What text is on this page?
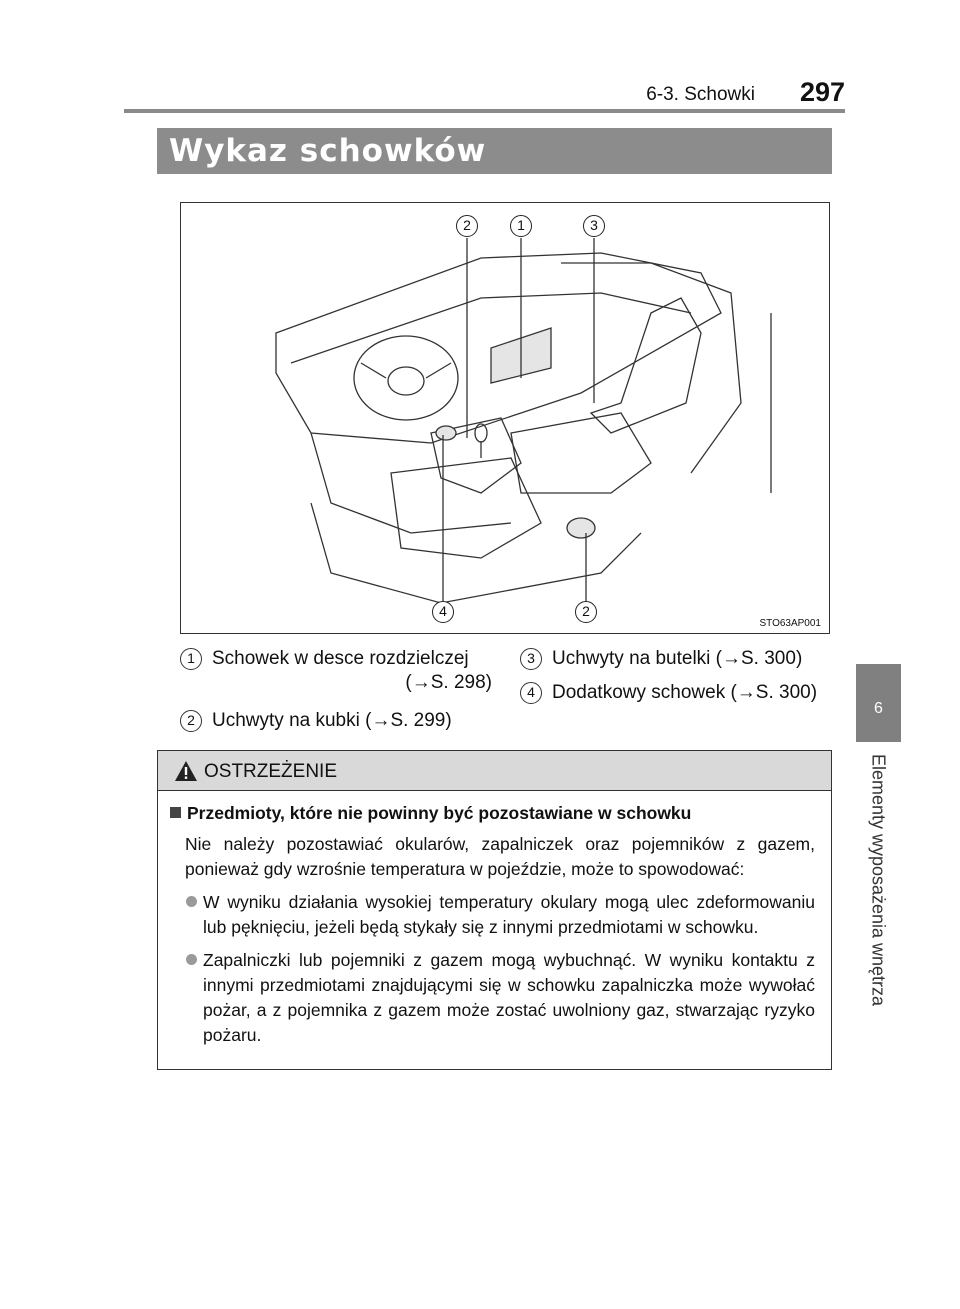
6-3. Schowki 297
6
Elementy wyposażenia wnętrza
Wykaz schowków
2	1	3
4	2
STO63AP001
1 Schowek w desce rozdzielczej
(→S. 298)
2 Uchwyty na kubki (→S. 299)
3 Uchwyty na butelki (→S. 300)
4 Dodatkowy schowek (→S. 300)
OSTRZEŻENIE
Przedmioty, które nie powinny być pozostawiane w schowku
Nie należy pozostawiać okularów, zapalniczek oraz pojemników z gazem, ponieważ gdy wzrośnie temperatura w pojeździe, może to spowodować:
W wyniku działania wysokiej temperatury okulary mogą ulec zdeformowaniu lub pęknięciu, jeżeli będą stykały się z innymi przedmiotami w schowku.
Zapalniczki lub pojemniki z gazem mogą wybuchnąć. W wyniku kontaktu z innymi przedmiotami znajdującymi się w schowku zapalniczka może wywołać pożar, a z pojemnika z gazem może zostać uwolniony gaz, stwarzając ryzyko pożaru.
